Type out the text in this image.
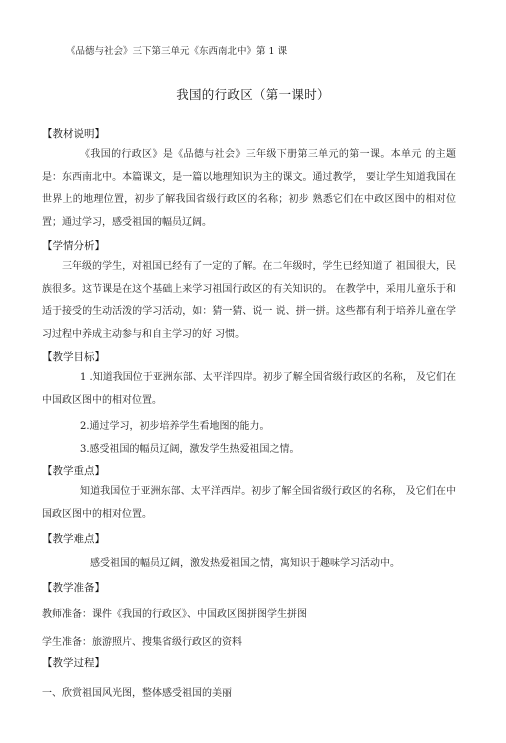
《品德与社会》三下第三单元《东西南北中》第 1 课
我国的行政区（第一课时）
【教材说明】

《我国的行政区》是《品德与社会》三年级下册第三单元的第一课。本单元 的主题是：东西南北中。本篇课文，是一篇以地理知识为主的课文。通过教学， 要让学生知道我国在世界上的地理位置，初步了解我国省级行政区的名称；初步 熟悉它们在中政区图中的相对位置；通过学习，感受祖国的幅员辽阔。

【学情分析】

三年级的学生，对祖国已经有了一定的了解。在二年级时，学生已经知道了 祖国很大，民族很多。这节课是在这个基础上来学习祖国行政区的有关知识的。 在教学中，采用儿童乐于和适于接受的生动活泼的学习活动，如：猜一猜、说一 说、拼一拼。这些都有利于培养儿童在学习过程中养成主动参与和自主学习的好 习惯。

【教学目标】

1 .知道我国位于亚洲东部、太平洋四岸。初步了解全国省级行政区的名称， 及它们在中国政区图中的相对位置。

2.通过学习，初步培养学生看地图的能力。
3.感受祖国的幅员辽阔，激发学生热爱祖国之情。
【教学重点】

知道我国位于亚洲东部、太平洋西岸。初步了解全国省级行政区的名称， 及它们在中国政区图中的相对位置。

【教学难点】
感受祖国的幅员辽阔，激发热爱祖国之情，寓知识于趣味学习活动中。
【教学准备】
教师准备：课件《我国的行政区》、中国政区图拼图学生拼图
学生准备：旅游照片、搜集省级行政区的资料
【教学过程】
一、欣赏祖国风光图，整体感受祖国的美丽
